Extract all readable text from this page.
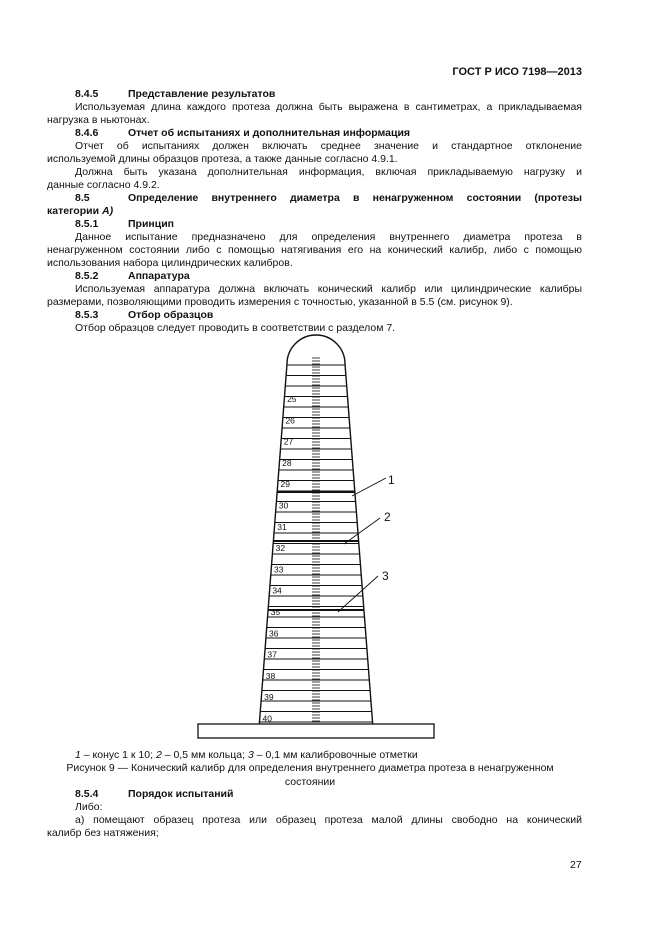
ГОСТ Р ИСО 7198—2013
8.4.5	Представление результатов
Используемая длина каждого протеза должна быть выражена в сантиметрах, а прикладываемая
нагрузка в ньютонах.
8.4.6	Отчет об испытаниях и дополнительная информация
Отчет об испытаниях должен включать среднее значение и стандартное отклонение
используемой длины образцов протеза, а также данные согласно 4.9.1.
Должна быть указана дополнительная информация, включая прикладываемую нагрузку и
данные согласно 4.9.2.
8.5	Определение внутреннего диаметра в ненагруженном состоянии (протезы
категории А)
8.5.1	Принцип
Данное испытание предназначено для определения внутреннего диаметра протеза в
ненагруженном состоянии либо с помощью натягивания его на конический калибр, либо с помощью
использования набора цилиндрических калибров.
8.5.2	Аппаратура
Используемая аппаратура должна включать конический калибр или цилиндрические калибры
размерами, позволяющими проводить измерения с точностью, указанной в 5.5 (см. рисунок 9).
8.5.3	Отбор образцов
Отбор образцов следует проводить в соответствии с разделом 7.
25
26
27
28
29
30
31
32
33
34
35
36
37
38
39
40
1
2
3
1 – конус 1 к 10; 2 – 0,5 мм кольца; 3 – 0,1 мм калибровочные отметки
Рисунок 9 — Конический калибр для определения внутреннего диаметра протеза в ненагруженном
состоянии
8.5.4	Порядок испытаний
Либо:
а) помещают образец протеза или образец протеза малой длины свободно на конический
калибр без натяжения;
27
